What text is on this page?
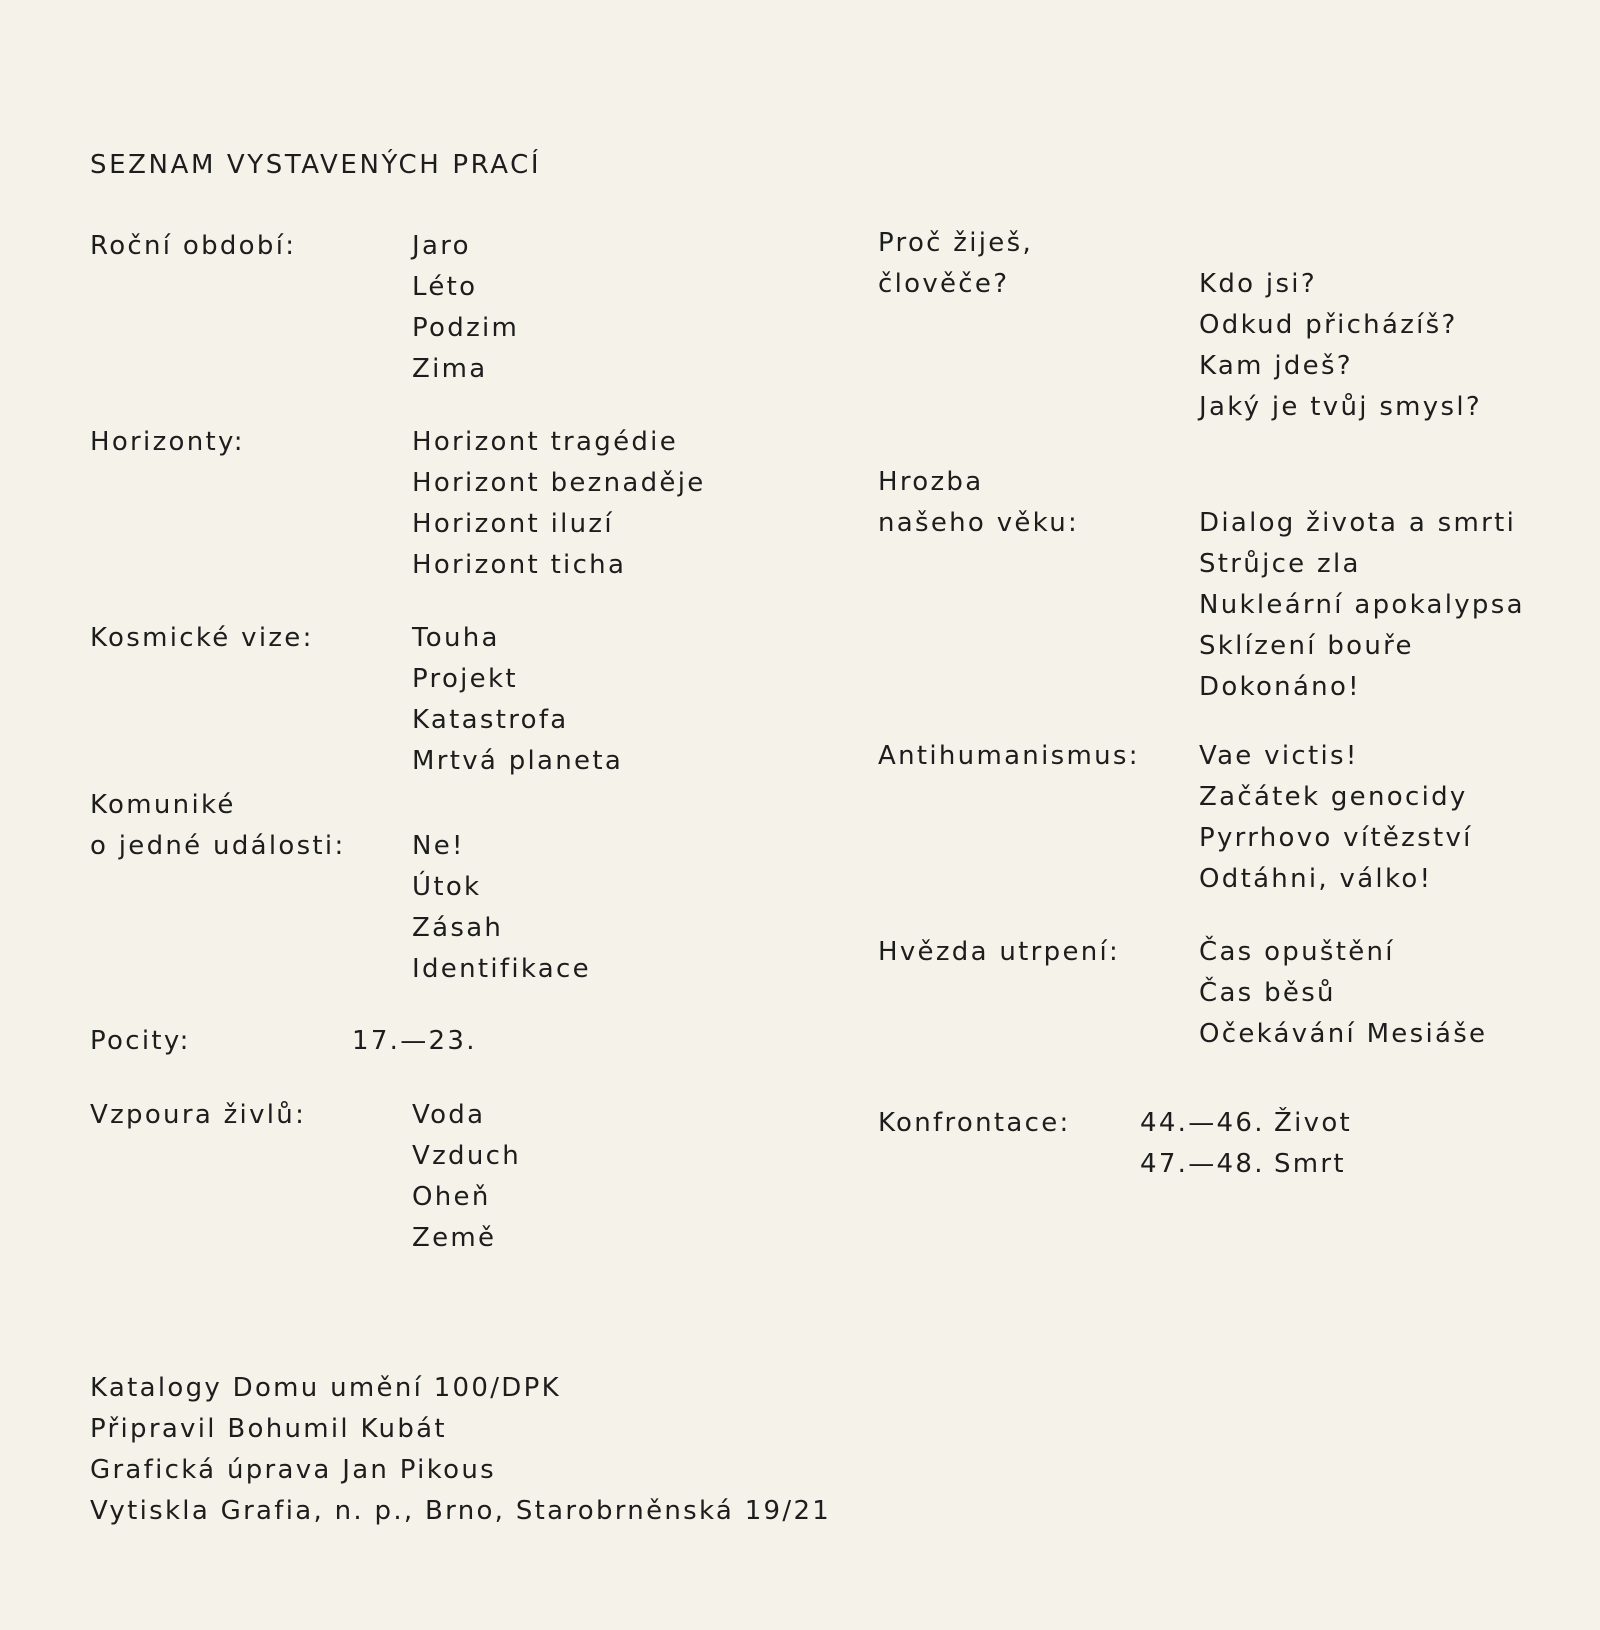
SEZNAM VYSTAVENÝCH PRACÍ
Roční období:	Jaro
Léto
Podzim
Zima
Horizonty:	Horizont tragédie
Horizont beznaděje
Horizont iluzí
Horizont ticha
Kosmické vize:	Touha
Projekt
Katastrofa
Mrtvá planeta
Komuniké
o jedné události:	Ne!
Útok
Zásah
Identifikace
Pocity:	17.—23.
Vzpoura živlů:	Voda
Vzduch
Oheň
Země
Proč žiješ,
člověče?	Kdo jsi?
Odkud přicházíš?
Kam jdeš?
Jaký je tvůj smysl?
Hrozba
našeho věku:	Dialog života a smrti
Strůjce zla
Nukleární apokalypsa
Sklízení bouře
Dokonáno!
Antihumanismus: Vae victis!
Začátek genocidy
Pyrrhovo vítězství
Odtáhni, válko!
Hvězda utrpení:	Čas opuštění
Čas běsů
Očekávání Mesiáše
Konfrontace:	44.—46. Život
47.—48. Smrt
Katalogy Domu umění 100/DPK
Připravil Bohumil Kubát
Grafická úprava Jan Pikous
Vytiskla Grafia, n. p., Brno, Starobrněnská 19/21
